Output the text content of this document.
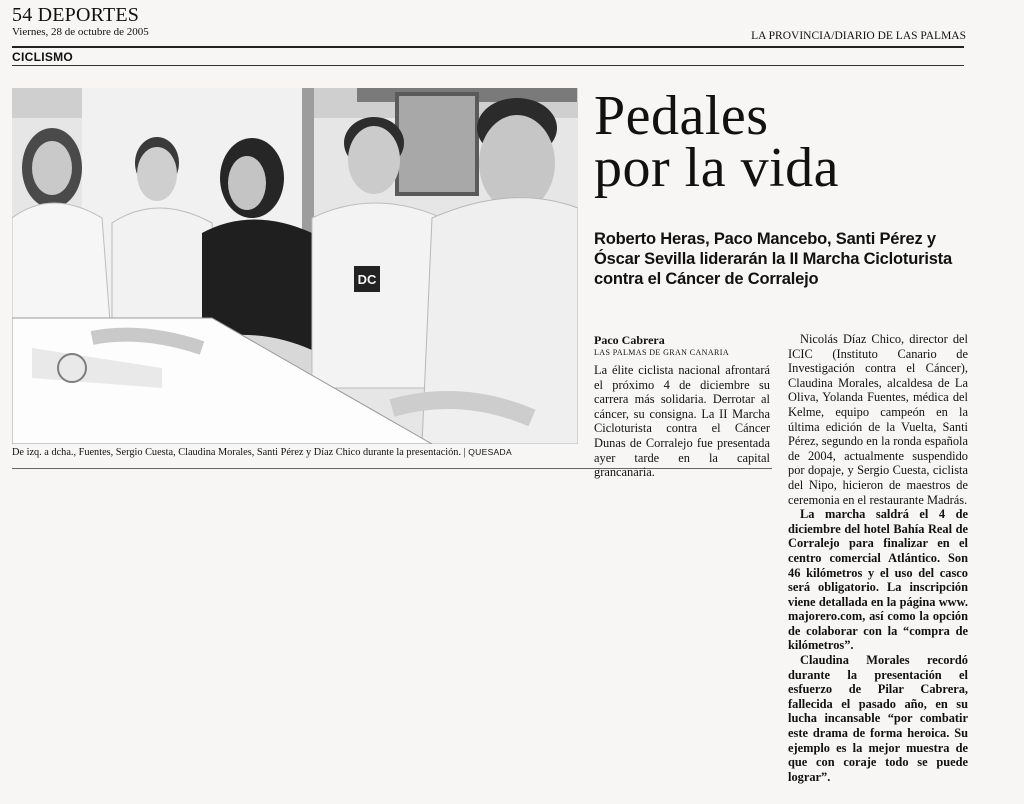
54 DEPORTES
Viernes, 28 de octubre de 2005	LA PROVINCIA/DIARIO DE LAS PALMAS
CICLISMO
DC
De izq. a dcha., Fuentes, Sergio Cuesta, Claudina Morales, Santi Pérez y Díaz Chico durante la presentación. | QUESADA
Pedales
por la vida
Roberto Heras, Paco Mancebo, Santi Pérez y Óscar Sevilla liderarán la II Marcha Cicloturista contra el Cáncer de Corralejo
Paco Cabrera
LAS PALMAS DE GRAN CANARIA

La élite ciclista nacional afrontará el próximo 4 de diciembre su carrera más solidaria. Derrotar al cáncer, su consigna. La II Marcha Cicloturista contra el Cáncer Dunas de Corralejo fue presentada ayer tarde en la capital grancanaria.

Nicolás Díaz Chico, director del ICIC (Instituto Canario de Investigación contra el Cáncer), Claudina Morales, alcaldesa de La Oliva, Yolanda Fuentes, médica del Kelme, equipo campeón en la última edición de la Vuelta, Santi Pérez, segundo en la ronda española de 2004, actualmente suspendido por dopaje, y Sergio Cuesta, ciclista del Nipo, hicieron de maestros de ceremonia en el restaurante Madrás.

La marcha saldrá el 4 de diciembre del hotel Bahía Real de Corralejo para finalizar en el centro comercial Atlántico. Son 46 kilómetros y el uso del casco será obligatorio. La inscripción viene detallada en la página www. majorero.com, así como la opción de colaborar con la “compra de kilómetros”.

Claudina Morales recordó durante la presentación el esfuerzo de Pilar Cabrera, fallecida el pasado año, en su lucha incansable “por combatir este drama de forma heroica. Su ejemplo es la mejor muestra de que con coraje todo se puede lograr”.
